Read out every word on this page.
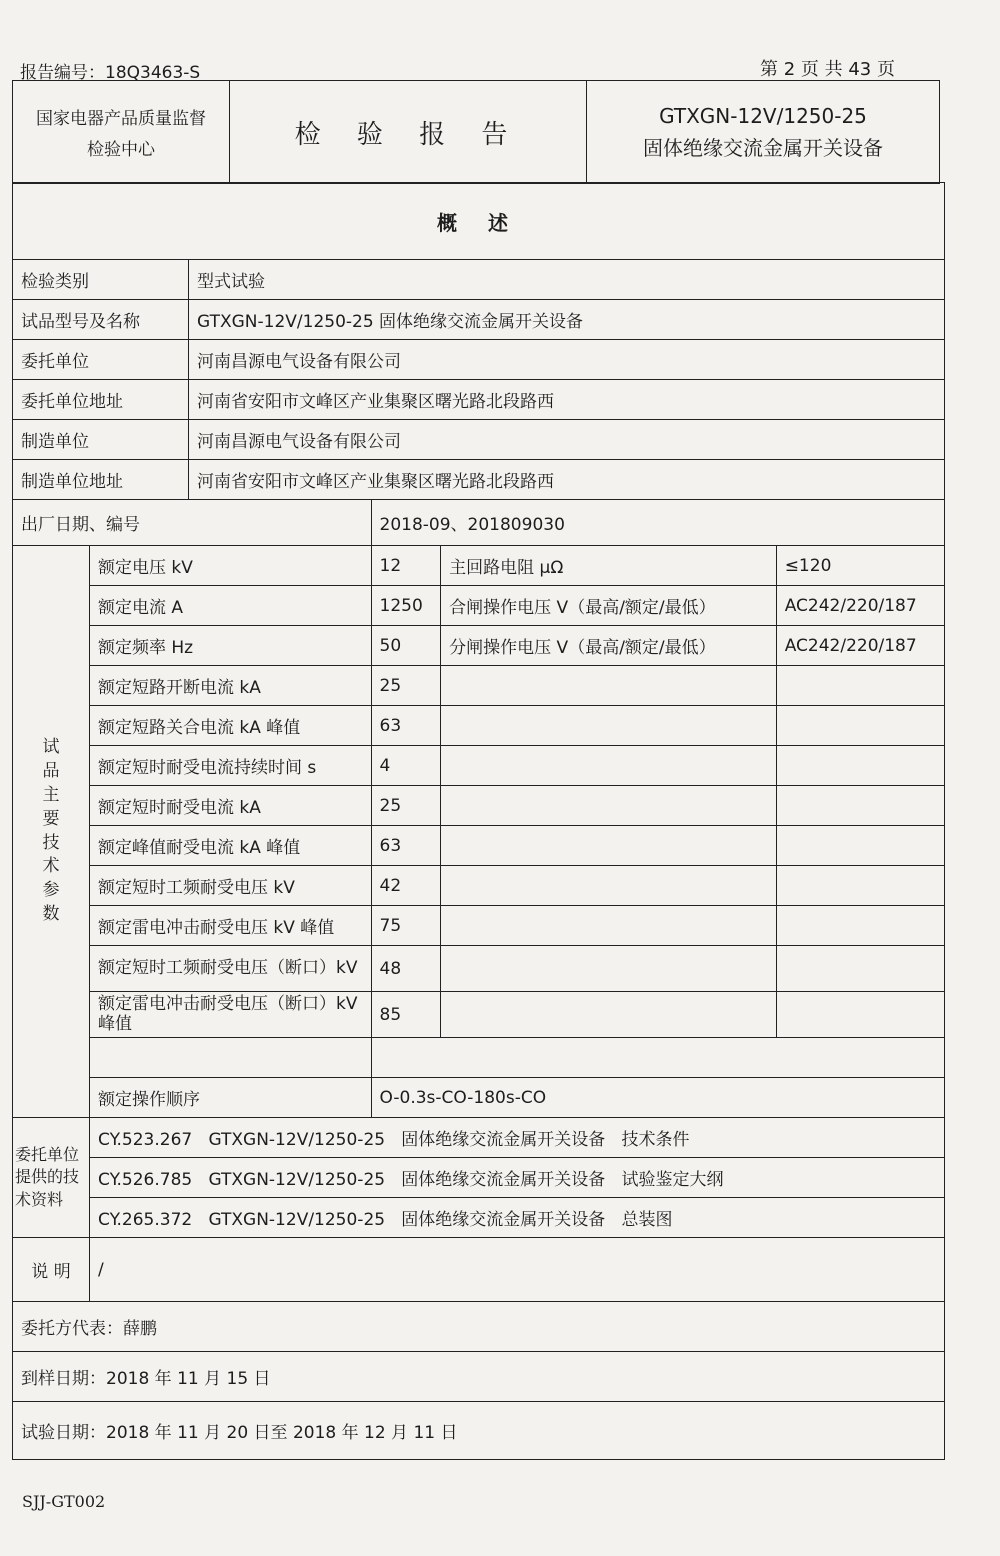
报告编号：18Q3463-S	第 2 页 共 43 页
国家电器产品质量监督
检验中心
	检 验 报 告	
GTXGN-12V/1250-25
固体绝缘交流金属开关设备
概 述					
检验类别		型式试验			
试品型号及名称		GTXGN-12V/1250-25 固体绝缘交流金属开关设备			
委托单位		河南昌源电气设备有限公司			
委托单位地址		河南省安阳市文峰区产业集聚区曙光路北段路西			
制造单位		河南昌源电气设备有限公司			
制造单位地址		河南省安阳市文峰区产业集聚区曙光路北段路西			
出厂日期、编号			2018-09、201809030		

试品主要技术参数	额定电压 kV		12	主回路电阻 μΩ	≤120
	额定电流 A		1250	合闸操作电压 V（最高/额定/最低）	AC242/220/187
	额定频率 Hz		50	分闸操作电压 V（最高/额定/最低）	AC242/220/187
	额定短路开断电流 kA		25		
	额定短路关合电流 kA 峰值		63		
	额定短时耐受电流持续时间 s		4		
	额定短时耐受电流 kA		25		
	额定峰值耐受电流 kA 峰值		63		
	额定短时工频耐受电压 kV		42		
	额定雷电冲击耐受电压 kV 峰值		75		
	额定短时工频耐受电压（断口）kV		48		
	额定雷电冲击耐受电压（断口）kV 峰值		85		

	额定操作顺序		O-0.3s-CO-180s-CO		

委托单位提供的技术资料	CY.523.267 GTXGN-12V/1250-25 固体绝缘交流金属开关设备 技术条件				
	CY.526.785 GTXGN-12V/1250-25 固体绝缘交流金属开关设备 试验鉴定大纲				
	CY.265.372 GTXGN-12V/1250-25 固体绝缘交流金属开关设备 总装图				
说 明	/				
委托方代表：薛鹏					
到样日期：2018 年 11 月 15 日					
试验日期：2018 年 11 月 20 日至 2018 年 12 月 11 日					
SJJ-GT002
